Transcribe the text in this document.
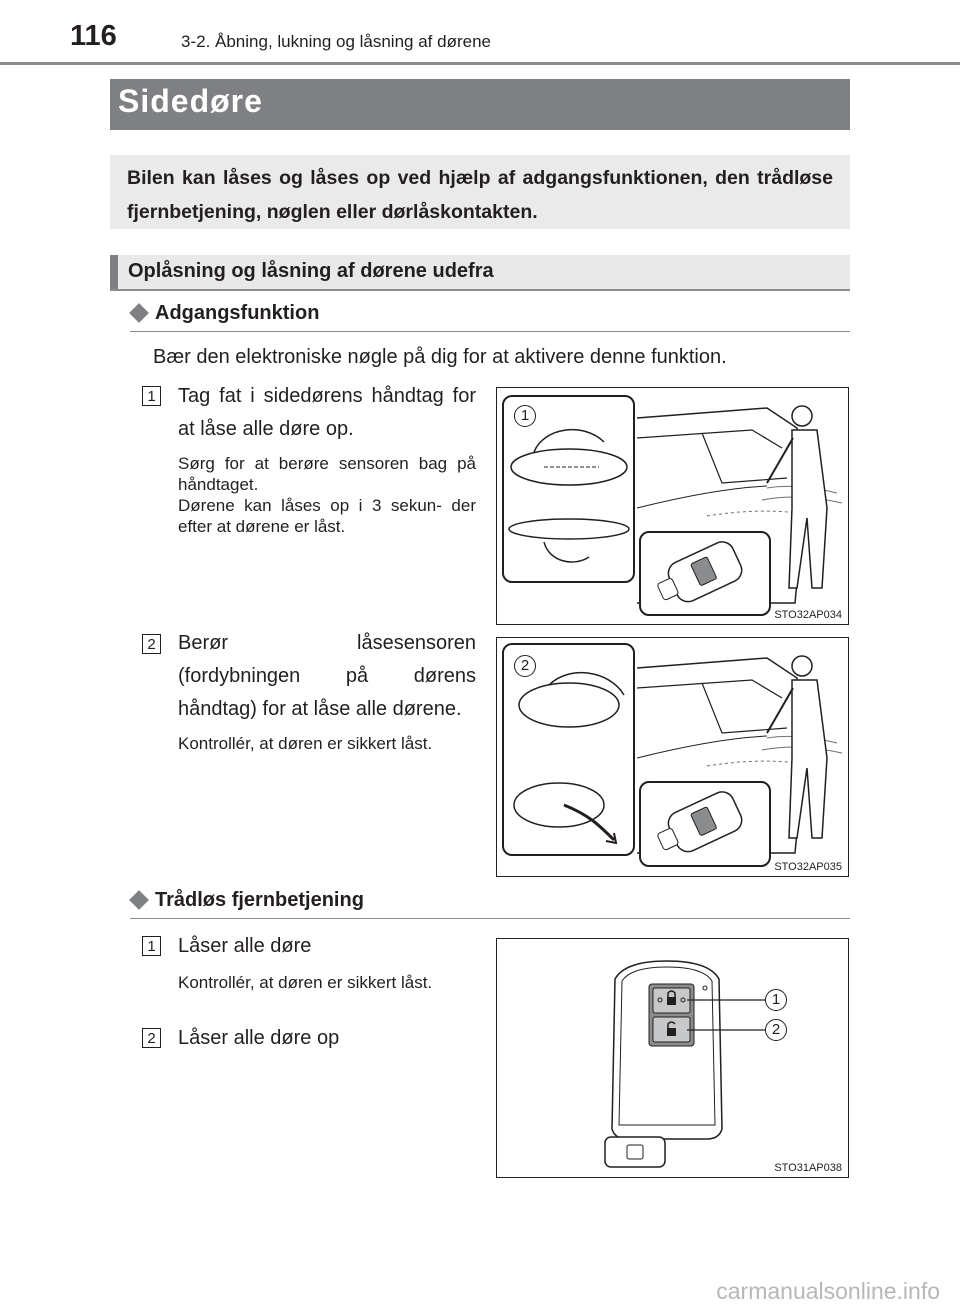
116	3-2. Åbning, lukning og låsning af dørene
Sidedøre
Bilen kan låses og låses op ved hjælp af adgangsfunktionen, den trådløse fjernbetjening, nøglen eller dørlåskontakten.
Oplåsning og låsning af dørene udefra
Adgangsfunktion
Bær den elektroniske nøgle på dig for at aktivere denne funktion.
1 Tag fat i sidedørens håndtag for at låse alle døre op.
Sørg for at berøre sensoren bag på håndtaget.
Dørene kan låses op i 3 sekun- der efter at dørene er låst.
1
STO32AP034
2 Berør låsesensoren (fordybningen på dørens håndtag) for at låse alle dørene.
Kontrollér, at døren er sikkert låst.
2
STO32AP035
Trådløs fjernbetjening
1 Låser alle døre
Kontrollér, at døren er sikkert låst.
2 Låser alle døre op
1
2
STO31AP038
carmanualsonline.info
